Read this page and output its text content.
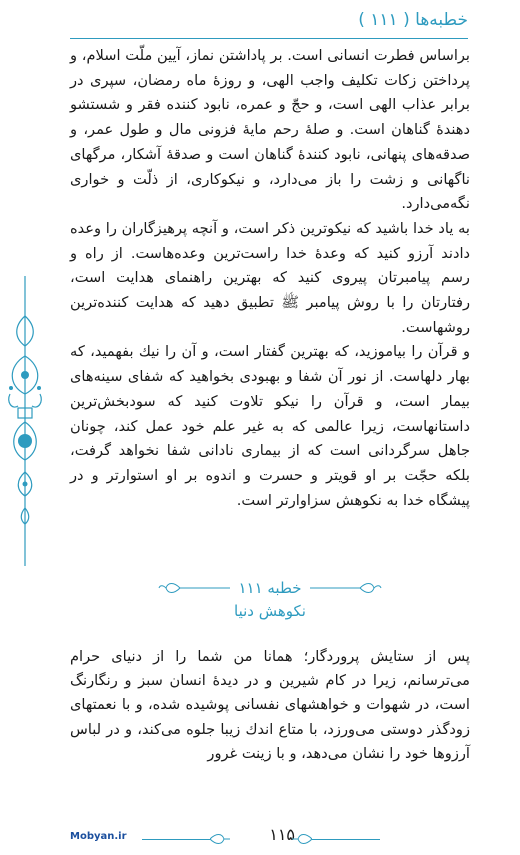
خطبه‌ها ( ۱۱۱ )

براساس فطرت انسانی است. بر پاداشتن نماز، آیین ملّت اسلام، و پرداختن زکات تکلیف واجب الهی، و روزهٔ ماه رمضان، سپری در برابر عذاب الهی است، و حجّ و عمره، نابود کننده فقر و شستشو دهندهٔ گناهان است. و صلهٔ رحم مایهٔ فزونی مال و طول عمر، و صدقه‌های پنهانی، نابود کنندهٔ گناهان است و صدقهٔ آشکار، مرگهای ناگهانی و زشت را باز می‌دارد، و نیکوکاری، از ذلّت و خواری نگه‌می‌دارد.

به یاد خدا باشید که نیکوترین ذکر است، و آنچه پرهیزگاران را وعده دادند آرزو کنید که وعدهٔ خدا راست‌ترین وعده‌هاست. از راه و رسم پیامبرتان پیروی کنید که بهترین راهنمای هدایت است، رفتارتان را با روش پیامبر ﷺ تطبیق دهید که هدایت کننده‌ترین روشهاست.

و قرآن را بیاموزید، که بهترین گفتار است، و آن را نیك بفهمید، که بهار دلهاست. از نور آن شفا و بهبودی بخواهید که شفای سینه‌های بیمار است، و قرآن را نیکو تلاوت کنید که سودبخش‌ترین داستانهاست، زیرا عالمی که به غیر علم خود عمل کند، چونان جاهل سرگردانی است که از بیماری نادانی شفا نخواهد گرفت، بلکه حجّت بر او قویتر و حسرت و اندوه بر او استوارتر و در پیشگاه خدا به نکوهش سزاوارتر است.

خطبه ۱۱۱
نکوهش دنیا

پس از ستایش پروردگار؛ همانا من شما را از دنیای حرام می‌ترسانم، زیرا در کام شیرین و در دیدهٔ انسان سبز و رنگارنگ است، در شهوات و خواهشهای نفسانی پوشیده شده، و با نعمتهای زودگذر دوستی می‌ورزد، با متاع اندك زیبا جلوه می‌کند، و در لباس آرزوها خود را نشان می‌دهد، و با زینت غرور

Mobyan.ir	۱۱۵
